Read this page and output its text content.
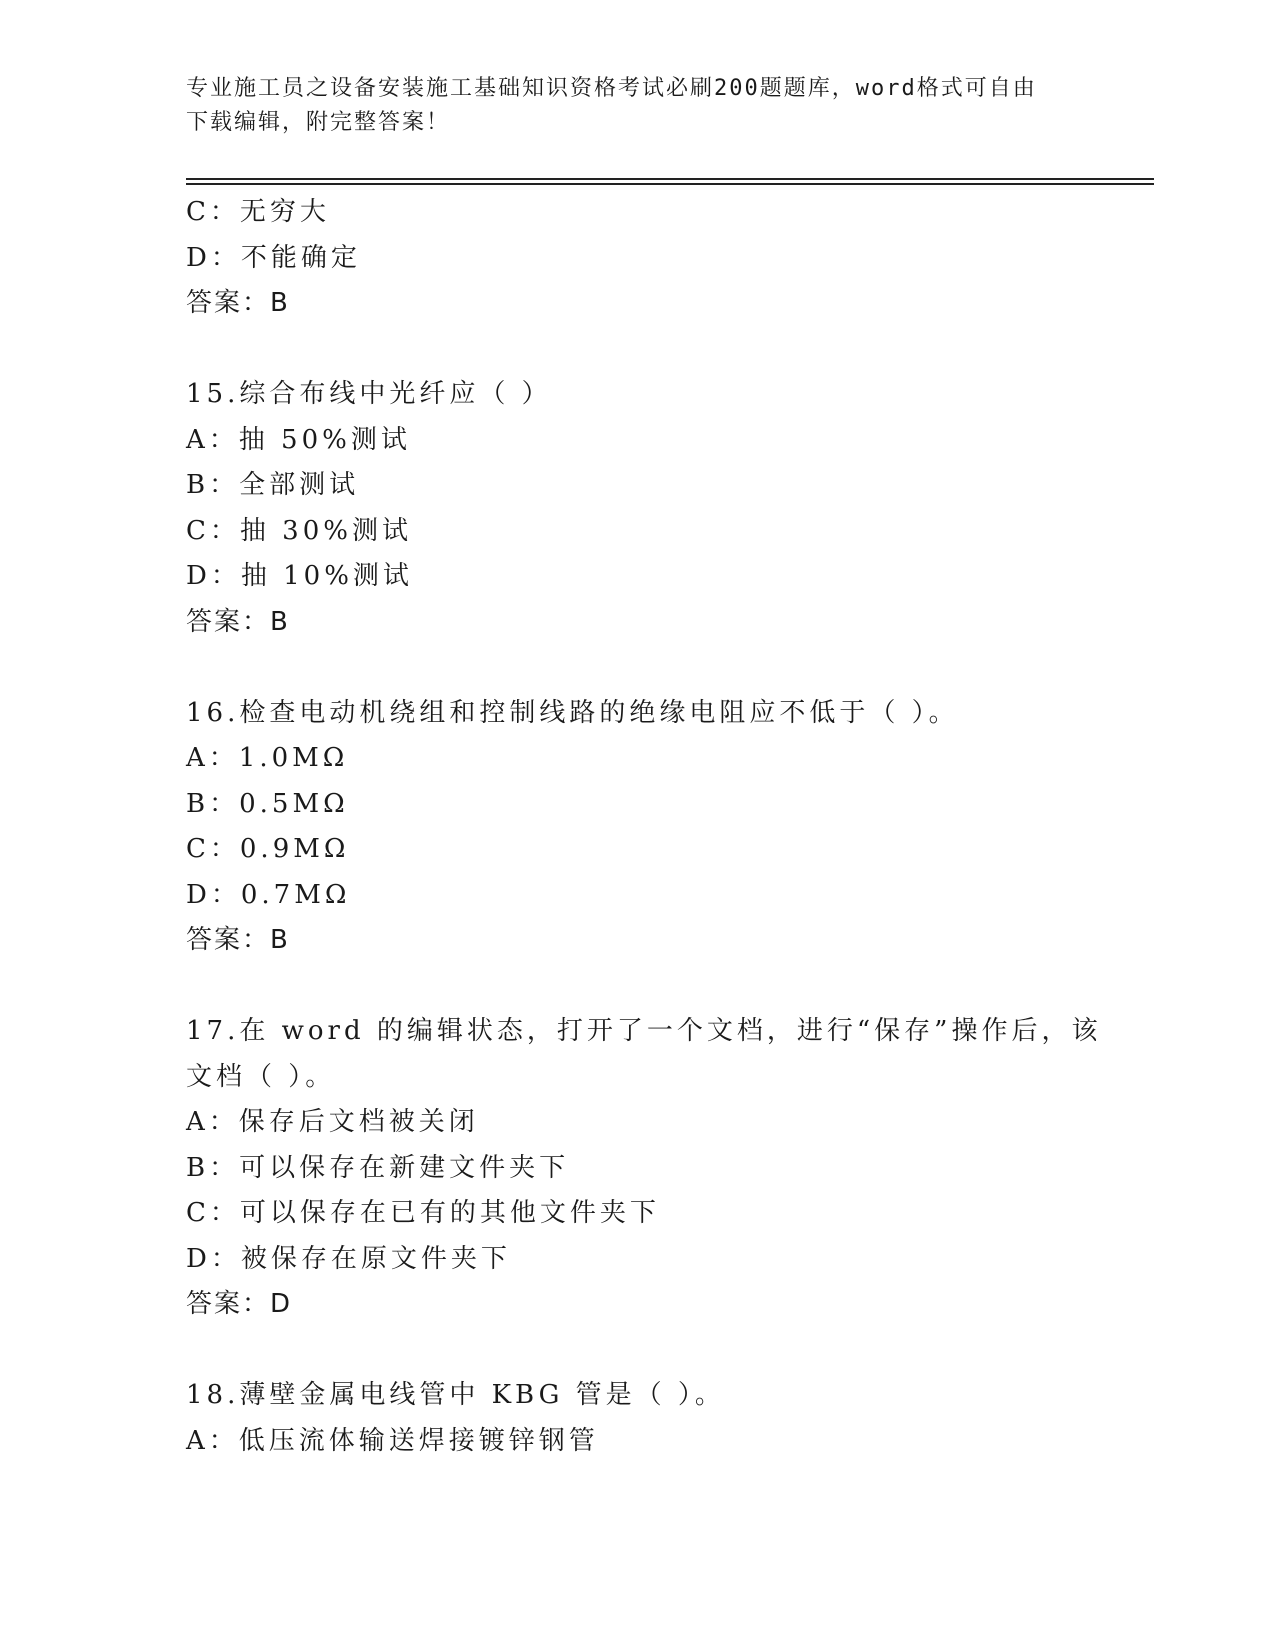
专业施工员之设备安装施工基础知识资格考试必刷200题题库，word格式可自由
下载编辑，附完整答案！
C：无穷大
D：不能确定
答案：B
15.综合布线中光纤应（ ）
A：抽 50%测试
B：全部测试
C：抽 30%测试
D：抽 10%测试
答案：B
16.检查电动机绕组和控制线路的绝缘电阻应不低于（ ）。
A：1.0MΩ
B：0.5MΩ
C：0.9MΩ
D：0.7MΩ
答案：B
17.在 word 的编辑状态，打开了一个文档，进行“保存”操作后，该
文档（ ）。
A：保存后文档被关闭
B：可以保存在新建文件夹下
C：可以保存在已有的其他文件夹下
D：被保存在原文件夹下
答案：D
18.薄壁金属电线管中 KBG 管是（ ）。
A：低压流体输送焊接镀锌钢管
